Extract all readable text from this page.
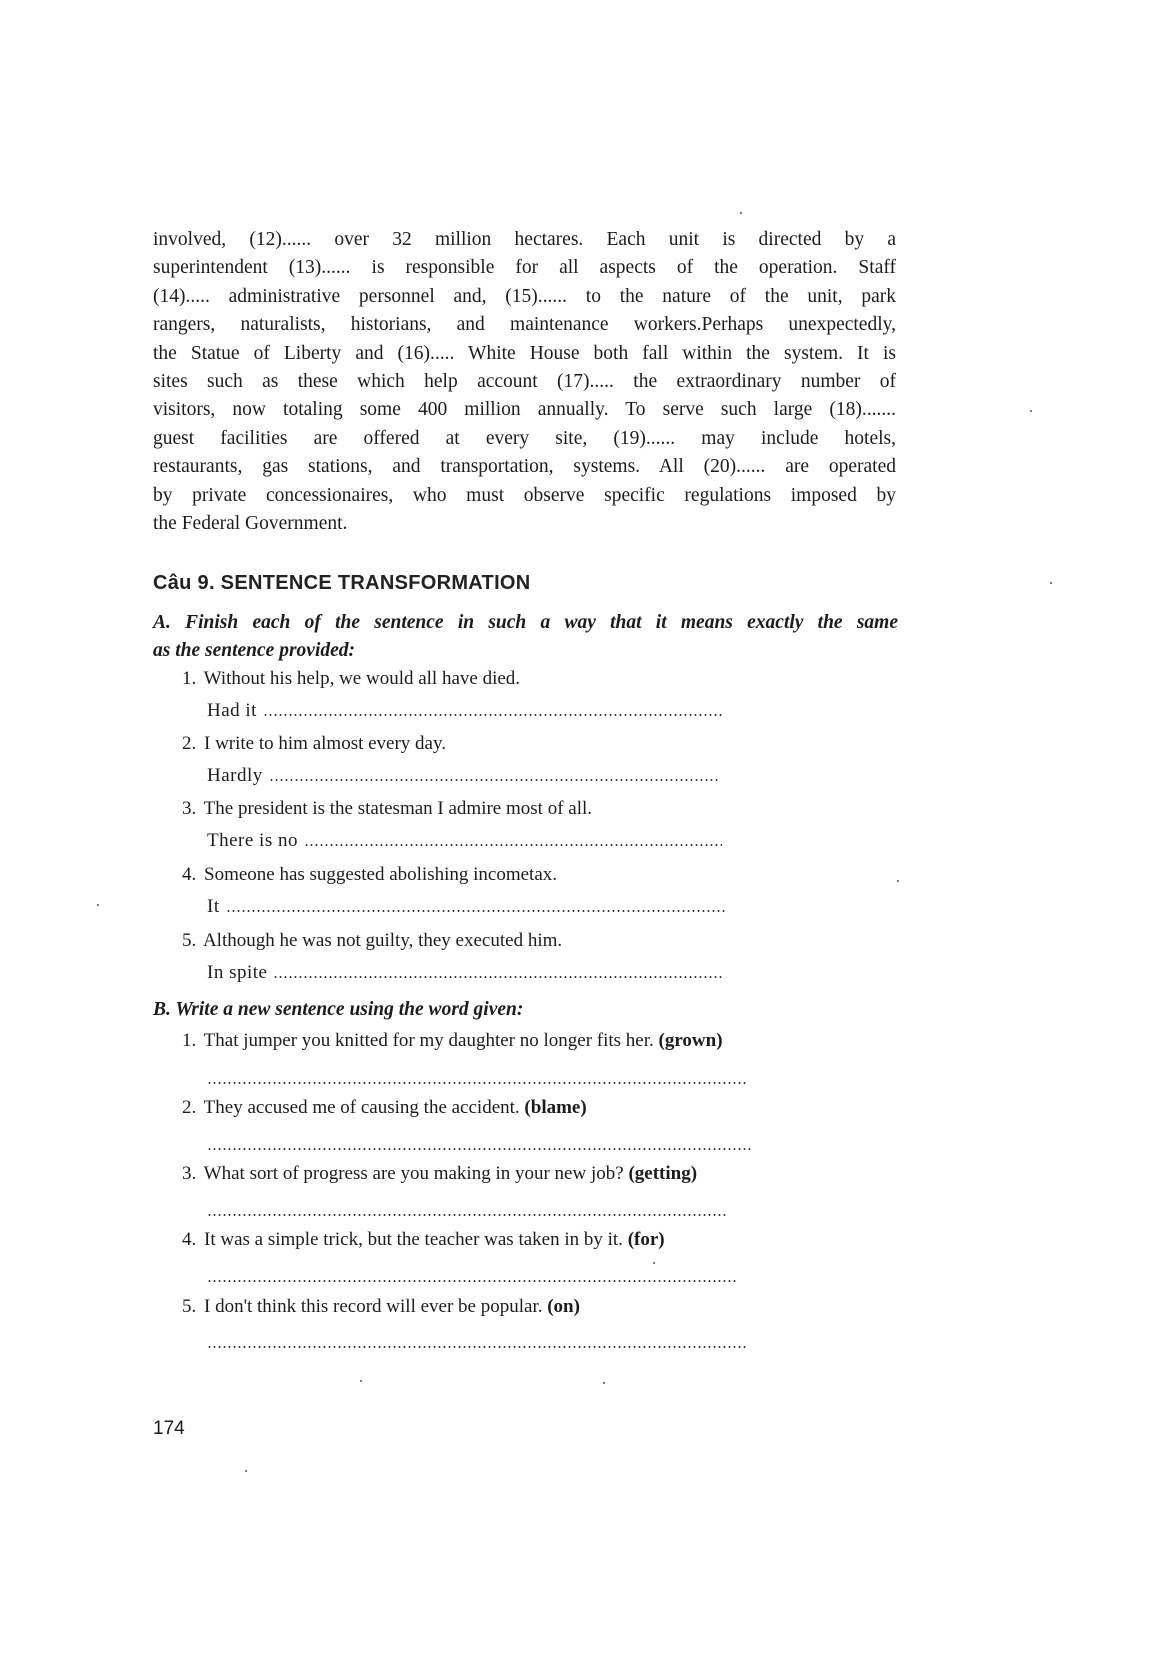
involved, (12)...... over 32 million hectares. Each unit is directed by a
superintendent (13)...... is responsible for all aspects of the operation. Staff
(14)..... administrative personnel and, (15)...... to the nature of the unit, park
rangers, naturalists, historians, and maintenance workers.Perhaps unexpectedly,
the Statue of Liberty and (16)..... White House both fall within the system. It is
sites such as these which help account (17)..... the extraordinary number of
visitors, now totaling some 400 million annually. To serve such large (18).......
guest facilities are offered at every site, (19)...... may include hotels,
restaurants, gas stations, and transportation, systems. All (20)...... are operated
by private concessionaires, who must observe specific regulations imposed by
the Federal Government.
Câu 9. SENTENCE TRANSFORMATION
A. Finish each of the sentence in such a way that it means exactly the same
as the sentence provided:
1. Without his help, we would all have died.
Had it
2. I write to him almost every day.
Hardly
3. The president is the statesman I admire most of all.
There is no
4. Someone has suggested abolishing incometax.
It
5. Although he was not guilty, they executed him.
In spite
B. Write a new sentence using the word given:
1. That jumper you knitted for my daughter no longer fits her. (grown)
2. They accused me of causing the accident. (blame)
3. What sort of progress are you making in your new job? (getting)
4. It was a simple trick, but the teacher was taken in by it. (for)
5. I don't think this record will ever be popular. (on)
174
